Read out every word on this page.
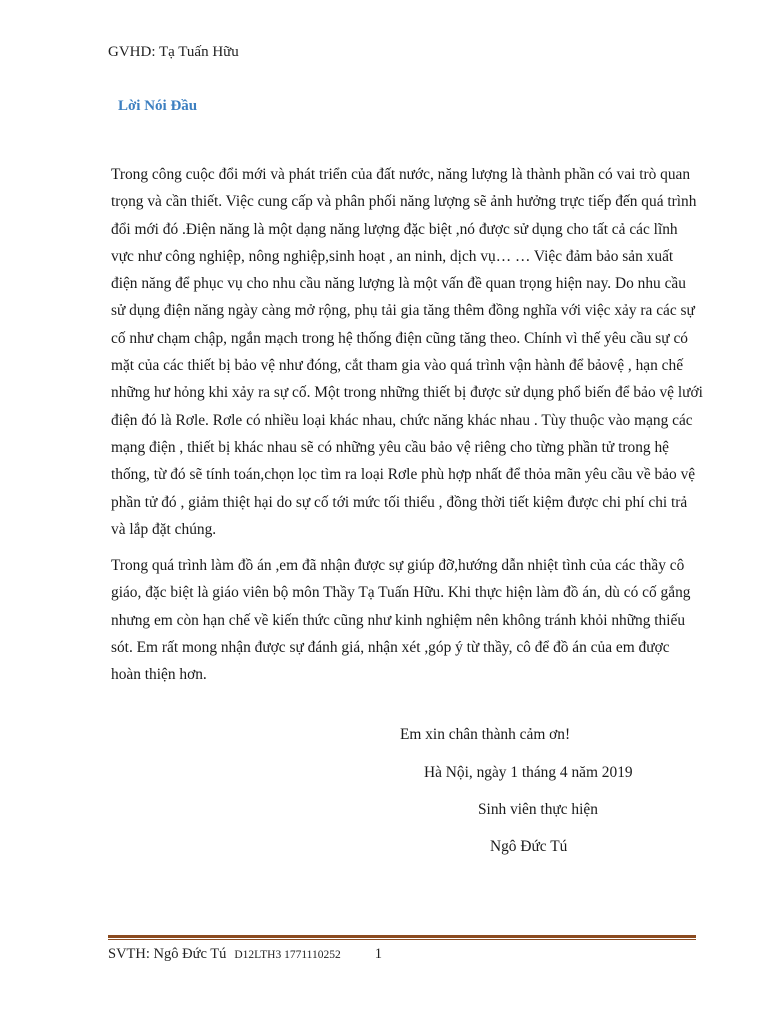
GVHD: Tạ Tuấn Hữu
Lời Nói Đầu

Trong công cuộc đổi mới và phát triển của đất nước, năng lượng là thành phần có vai trò quan trọng và cần thiết. Việc cung cấp và phân phối năng lượng sẽ ảnh hưởng trực tiếp đến quá trình đổi mới đó .Điện năng là một dạng năng lượng đặc biệt ,nó được sử dụng cho tất cả các lĩnh vực như công nghiệp, nông nghiệp,sinh hoạt , an ninh, dịch vụ… … Việc đảm bảo sản xuất điện năng để phục vụ cho nhu cầu năng lượng là một vấn đề quan trọng hiện nay. Do nhu cầu sử dụng điện năng ngày càng mở rộng, phụ tải gia tăng thêm đồng nghĩa với việc xảy ra các sự cố như chạm chập, ngắn mạch trong hệ thống điện cũng tăng theo. Chính vì thế yêu cầu sự có mặt của các thiết bị bảo vệ như đóng, cắt tham gia vào quá trình vận hành để bảovệ , hạn chế những hư hỏng khi xảy ra sự cố. Một trong những thiết bị được sử dụng phổ biến để bảo vệ lưới điện đó là Rơle. Rơle có nhiều loại khác nhau, chức năng khác nhau . Tùy thuộc vào mạng các mạng điện , thiết bị khác nhau sẽ có những yêu cầu bảo vệ riêng cho từng phần tử trong hệ thống, từ đó sẽ tính toán,chọn lọc tìm ra loại Rơle phù hợp nhất để thỏa mãn yêu cầu về bảo vệ phần tử đó , giảm thiệt hại do sự cố tới mức tối thiểu , đồng thời tiết kiệm được chi phí chi trả và lắp đặt chúng.

Trong quá trình làm đồ án ,em đã nhận được sự giúp đỡ,hướng dẫn nhiệt tình của các thầy cô giáo, đặc biệt là giáo viên bộ môn Thầy Tạ Tuấn Hữu. Khi thực hiện làm đồ án, dù có cố gắng nhưng em còn hạn chế về kiến thức cũng như kinh nghiệm nên không tránh khỏi những thiếu sót. Em rất mong nhận được sự đánh giá, nhận xét ,góp ý từ thầy, cô để đồ án của em được hoàn thiện hơn.

Em xin chân thành cảm ơn!
Hà Nội, ngày 1 tháng 4 năm 2019
Sinh viên thực hiện
Ngô Đức Tú
SVTH: Ngô Đức Tú D12LTH3 1771110252 1
